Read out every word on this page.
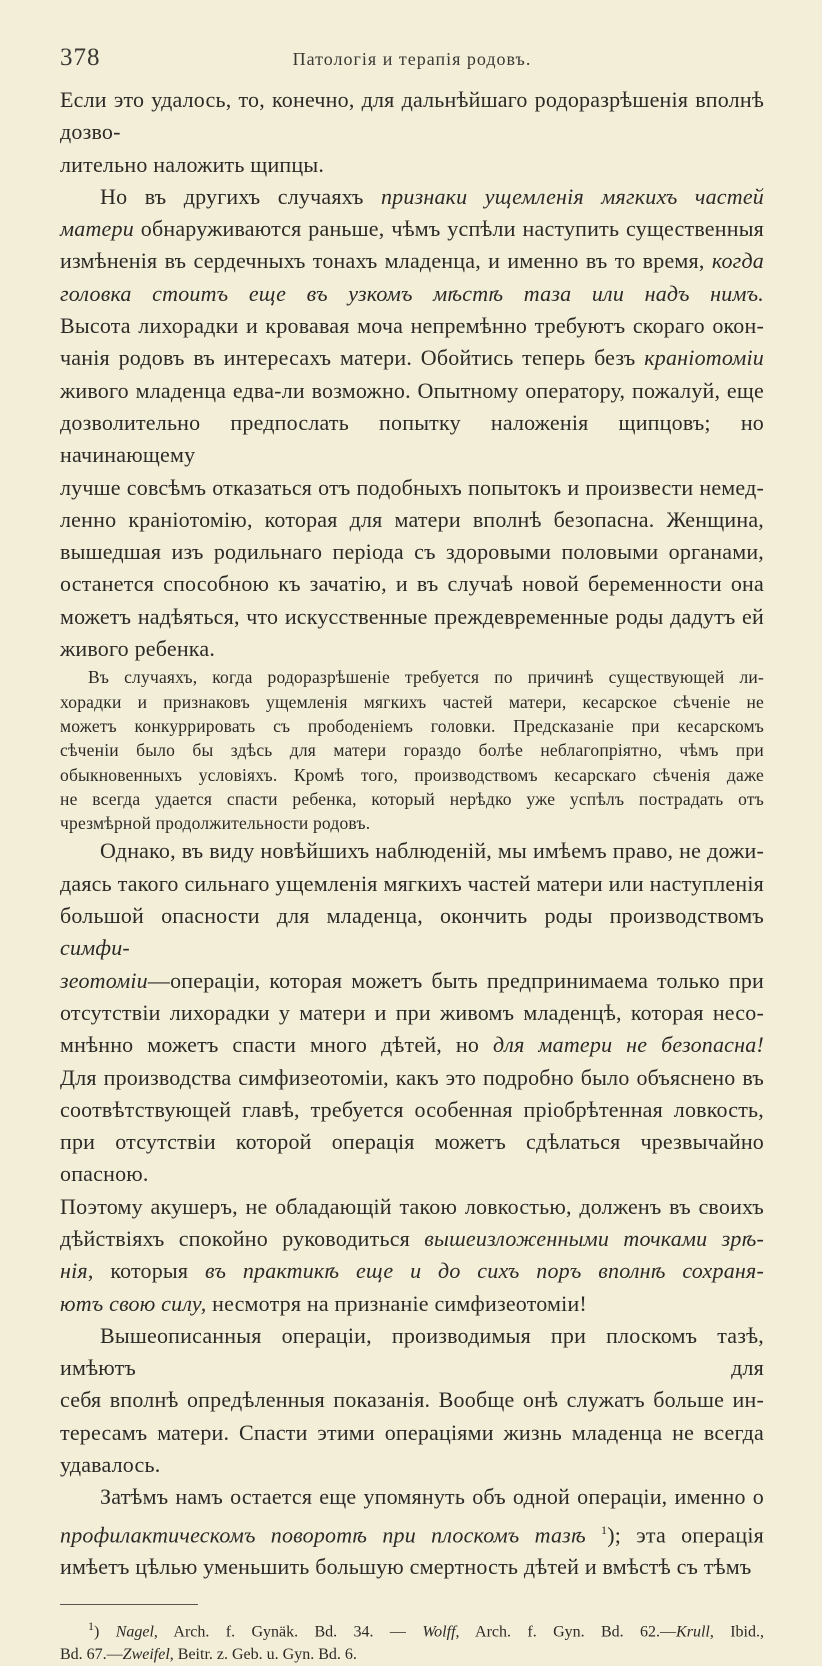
378	Патологія и терапія родовъ.

Если это удалось, то, конечно, для дальнѣйшаго родоразрѣшенія вполнѣ дозво-

лительно наложить щипцы.

Но въ другихъ случаяхъ признаки ущемленія мягкихъ частей

матери обнаруживаются раньше, чѣмъ успѣли наступить существенныя

измѣненія въ сердечныхъ тонахъ младенца, и именно въ то время, когда

головка стоитъ еще въ узкомъ мѣстѣ таза или надъ нимъ.

Высота лихорадки и кровавая моча непремѣнно требуютъ скораго окон-

чанія родовъ въ интересахъ матери. Обойтись теперь безъ краніотоміи

живого младенца едва-ли возможно. Опытному оператору, пожалуй, еще

дозволительно предпослать попытку наложенія щипцовъ; но начинающему

лучше совсѣмъ отказаться отъ подобныхъ попытокъ и произвести немед-

ленно краніотомію, которая для матери вполнѣ безопасна. Женщина,

вышедшая изъ родильнаго періода съ здоровыми половыми органами,

останется способною къ зачатію, и въ случаѣ новой беременности она

можетъ надѣяться, что искусственные преждевременные роды дадутъ ей

живого ребенка.

Въ случаяхъ, когда родоразрѣшеніе требуется по причинѣ существующей ли-

хорадки и признаковъ ущемленія мягкихъ частей матери, кесарское сѣченіе не

можетъ конкуррировать съ прободеніемъ головки. Предсказаніе при кесарскомъ

сѣченіи было бы здѣсь для матери гораздо болѣе неблагопріятно, чѣмъ при

обыкновенныхъ условіяхъ. Кромѣ того, производствомъ кесарскаго сѣченія даже

не всегда удается спасти ребенка, который нерѣдко уже успѣлъ пострадать отъ

чрезмѣрной продолжительности родовъ.

Однако, въ виду новѣйшихъ наблюденій, мы имѣемъ право, не дожи-

даясь такого сильнаго ущемленія мягкихъ частей матери или наступленія

большой опасности для младенца, окончить роды производствомъ симфи-

зеотоміи—операціи, которая можетъ быть предпринимаема только при

отсутствіи лихорадки у матери и при живомъ младенцѣ, которая несо-

мнѣнно можетъ спасти много дѣтей, но для матери не безопасна!

Для производства симфизеотоміи, какъ это подробно было объяснено въ

соотвѣтствующей главѣ, требуется особенная пріобрѣтенная ловкость,

при отсутствіи которой операція можетъ сдѣлаться чрезвычайно опасною.

Поэтому акушеръ, не обладающій такою ловкостью, долженъ въ своихъ

дѣйствіяхъ спокойно руководиться вышеизложенными точками зрѣ-

нія, которыя въ практикѣ еще и до сихъ поръ вполнѣ сохраня-

ютъ свою силу, несмотря на признаніе симфизеотоміи!

Вышеописанныя операціи, производимыя при плоскомъ тазѣ, имѣютъ для

себя вполнѣ опредѣленныя показанія. Вообще онѣ служатъ больше ин-

тересамъ матери. Спасти этими операціями жизнь младенца не всегда

удавалось.

Затѣмъ намъ остается еще упомянуть объ одной операціи, именно о

профилактическомъ поворотѣ при плоскомъ тазѣ $^1$); эта операція

имѣетъ цѣлью уменьшить большую смертность дѣтей и вмѣстѣ съ тѣмъ

$^1$) Nagel, Arch. f. Gynäk. Bd. 34. — Wolff, Arch. f. Gyn. Bd. 62.—Krull, Ibid.,

Bd. 67.—Zweifel, Beitr. z. Geb. u. Gyn. Bd. 6.
